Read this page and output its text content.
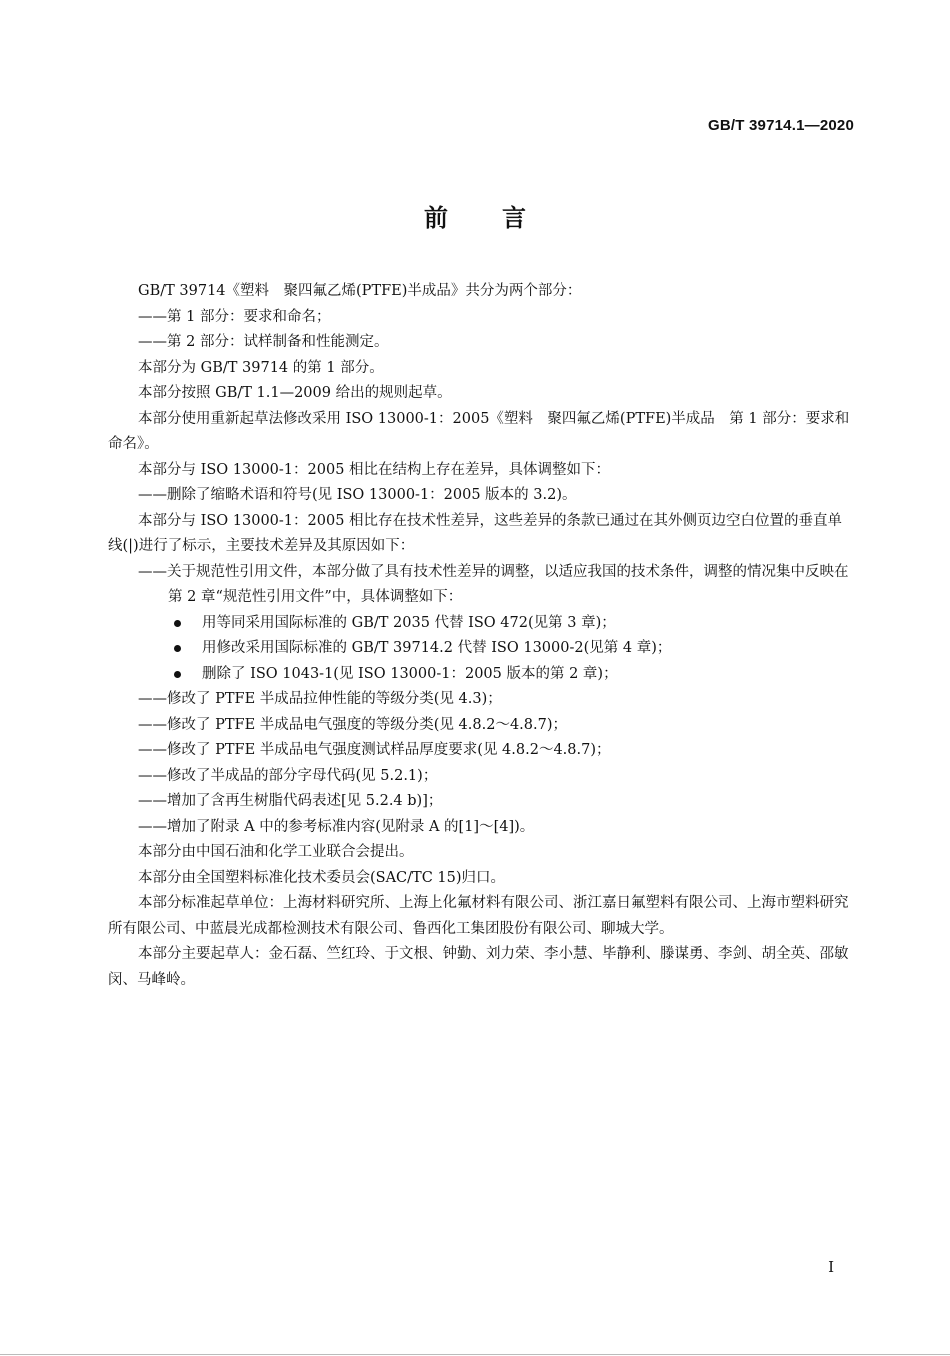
GB/T 39714.1—2020
前 言

GB/T 39714《塑料　聚四氟乙烯(PTFE)半成品》共分为两个部分：

——第 1 部分：要求和命名；

——第 2 部分：试样制备和性能测定。

本部分为 GB/T 39714 的第 1 部分。

本部分按照 GB/T 1.1—2009 给出的规则起草。

本部分使用重新起草法修改采用 ISO 13000-1：2005《塑料　聚四氟乙烯(PTFE)半成品　第 1 部分：要求和命名》。

本部分与 ISO 13000-1：2005 相比在结构上存在差异，具体调整如下：

——删除了缩略术语和符号(见 ISO 13000-1：2005 版本的 3.2)。

本部分与 ISO 13000-1：2005 相比存在技术性差异，这些差异的条款已通过在其外侧页边空白位置的垂直单线(|)进行了标示，主要技术差异及其原因如下：

——关于规范性引用文件，本部分做了具有技术性差异的调整，以适应我国的技术条件，调整的情况集中反映在第 2 章“规范性引用文件”中，具体调整如下：

用等同采用国际标准的 GB/T 2035 代替 ISO 472(见第 3 章)；
用修改采用国际标准的 GB/T 39714.2 代替 ISO 13000-2(见第 4 章)；
删除了 ISO 1043-1(见 ISO 13000-1：2005 版本的第 2 章)；

——修改了 PTFE 半成品拉伸性能的等级分类(见 4.3)；

——修改了 PTFE 半成品电气强度的等级分类(见 4.8.2～4.8.7)；

——修改了 PTFE 半成品电气强度测试样品厚度要求(见 4.8.2～4.8.7)；

——修改了半成品的部分字母代码(见 5.2.1)；

——增加了含再生树脂代码表述[见 5.2.4 b)]；

——增加了附录 A 中的参考标准内容(见附录 A 的[1]～[4])。

本部分由中国石油和化学工业联合会提出。

本部分由全国塑料标准化技术委员会(SAC/TC 15)归口。

本部分标准起草单位：上海材料研究所、上海上化氟材料有限公司、浙江嘉日氟塑料有限公司、上海市塑料研究所有限公司、中蓝晨光成都检测技术有限公司、鲁西化工集团股份有限公司、聊城大学。

本部分主要起草人：金石磊、竺红玲、于文根、钟勤、刘力荣、李小慧、毕静利、滕谋勇、李剑、胡全英、邵敏闵、马峰岭。

I
